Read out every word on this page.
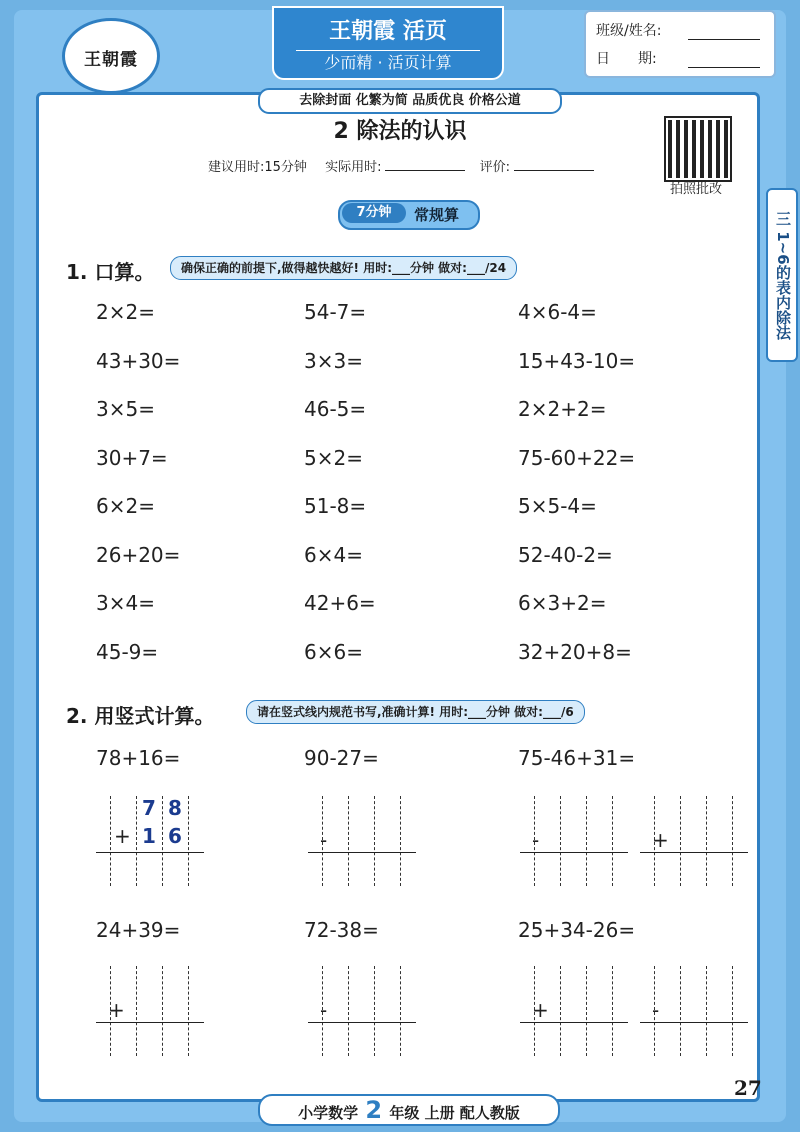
王朝霞
王朝霞 活页
少而精 · 活页计算
班级/姓名:
日　　期:
去除封面 化繁为简 品质优良 价格公道
2 除法的认识
建议用时:15分钟 实际用时:	评价:
拍照批改
7分钟	常规算	三 1~6的表内除法
1. 口算。	确保正确的前提下,做得越快越好! 用时:___分钟 做对:___/24
2×2=	54-7=	4×6-4=
43+30=	3×3=	15+43-10=
3×5=	46-5=	2×2+2=
30+7=	5×2=	75-60+22=
6×2=	51-8=	5×5-4=
26+20=	6×4=	52-40-2=
3×4=	42+6=	6×3+2=
45-9=	6×6=	32+20+8=
2. 用竖式计算。	请在竖式线内规范书写,准确计算! 用时:___分钟 做对:___/6
78+16=	90-27=	75-46+31=
24+39=	72-38=	25+34-26=
7 8
+ 1 6	-	-	+
+	-	+	-
27
小学数学 2 年级 上册 配人教版
